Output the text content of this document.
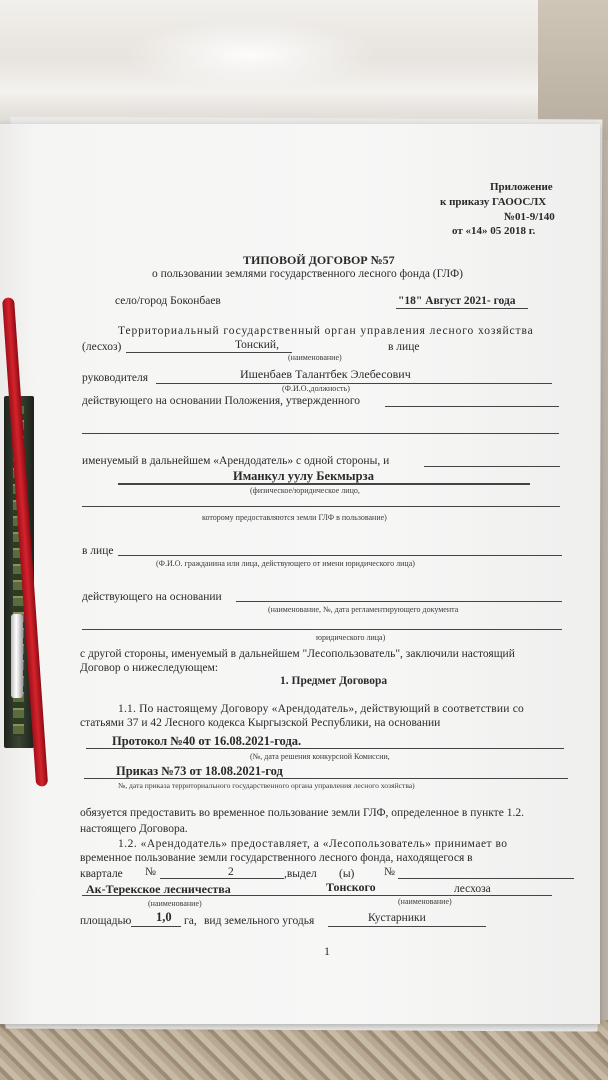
Приложение
к приказу ГАООСЛХ
№01-9/140
от «14» 05 2018 г.
ТИПОВОЙ ДОГОВОР №57
о пользовании землями государственного лесного фонда (ГЛФ)
село/город Боконбаев	"18" Август 2021- года
Территориальный государственный орган управления лесного хозяйства
(лесхоз)	Тонский,	в лице
(наименование)
руководителя	Ишенбаев Талантбек Элебесович
(Ф.И.О.,должность)
действующего на основании Положения, утвержденного
именуемый в дальнейшем «Арендодатель» с одной стороны, и
Иманкул уулу Бекмырза
(физическое/юридическое лицо,
которому предоставляются земли ГЛФ в пользование)
в лице
(Ф.И.О. гражданина или лица, действующего от имени юридического лица)
действующего на основании
(наименование, №, дата регламентирующего документа
юридического лица)
с другой стороны, именуемый в дальнейшем "Лесопользователь", заключили настоящий
Договор о нижеследующем:
1. Предмет Договора
1.1. По настоящему Договору «Арендодатель», действующий в соответствии со
статьями 37 и 42 Лесного кодекса Кыргызской Республики, на основании
Протокол №40 от 16.08.2021-года.
(№, дата решения конкурсной Комиссии,
Приказ №73 от 18.08.2021-год
№, дата приказа территориального государственного органа управления лесного хозяйства)
обязуется предоставить во временное пользование земли ГЛФ, определенное в пункте 1.2.
настоящего Договора.
1.2. «Арендодатель» предоставляет, а «Лесопользователь» принимает во
временное пользование земли государственного лесного фонда, находящегося в
квартале №	2	,выдел (ы)	№
Ак-Терекское лесничества	Тонского	лесхоза
(наименование)	(наименование)
площадью 1,0 га, вид земельного угодья	Кустарники
1
